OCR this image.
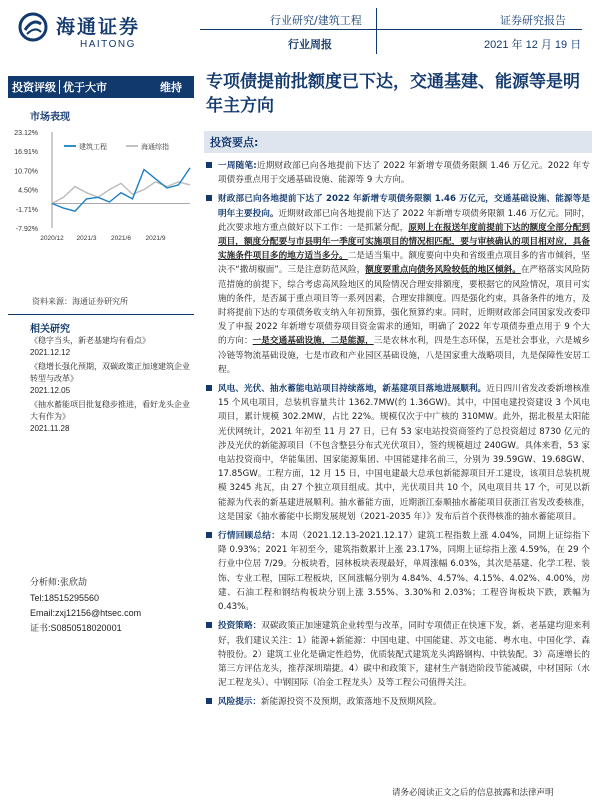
海通证券
HAITONG
行业研究/建筑工程
行业周报
证券研究报告
2021 年 12 月 19 日
投资评级 优于大市	维持
市场表现
23.12%
16.91%
10.70%
4.50%
-1.71%
-7.92%
2020/12 2021/3 2021/6 2021/9
建筑工程	海通综指
资料来源：海通证券研究所
相关研究
《稳字当头，新老基建均有看点》
2021.12.12
《稳增长强化预期，双碳政策正加速建筑企业转型与改革》
2021.12.05
《抽水蓄能项目批复稳步推进，看好龙头企业大有作为》
2021.11.28
分析师:张欣劼
Tel:18515295560
Email:zxj12156@htsec.com
证书:S0850518020001
专项债提前批额度已下达，交通基建、能源等是明年主方向
投资要点:
一周随笔:近期财政部已向各地提前下达了 2022 年新增专项债务限额 1.46 万亿元。2022 年专项债券重点用于交通基础设施、能源等 9 大方向。
财政部已向各地提前下达了 2022 年新增专项债务限额 1.46 万亿元，交通基础设施、能源等是明年主要投向。近期财政部已向各地提前下达了 2022 年新增专项债务限额 1.46 万亿元。同时，此次要求地方重点做好以下工作：一是抓紧分配，原则上在报送年度前提前下达的额度全部分配到项目，额度分配要与市县明年一季度可实施项目的情况相匹配，要与审核确认的项目相对应，具备实施条件项目多的地方适当多分。二是适当集中。额度要向中央和省级重点项目多的省市倾斜，坚决不“撒胡椒面”。三是注意防范风险，额度要重点向债务风险较低的地区倾斜。在严格落实风险防范措施的前提下，综合考虑高风险地区的风险情况合理安排额度，要根据它的风险情况，项目可实施的条件，是否属于重点项目等一系列因素，合理安排额度。四是强化约束，具备条件的地方，及时将提前下达的专项债务收支纳入年初预算，强化预算约束。同时，近期财政部会同国家发改委印发了申报 2022 年新增专项债券项目资金需求的通知，明确了 2022 年专项债券重点用于 9 个大的方向：一是交通基础设施，二是能源，三是农林水利，四是生态环保，五是社会事业，六是城乡冷链等物流基础设施，七是市政和产业园区基础设施，八是国家重大战略项目，九是保障性安居工程。
风电、光伏、抽水蓄能电站项目持续落地，新基建项目落地进展顺利。近日四川省发改委新增核准 15 个风电项目，总装机容量共计 1362.7MW(约 1.36GW)。其中，中国电建投资建设 3 个风电项目，累计规模 302.2MW，占比 22%。规模仅次于中广核的 310MW。此外，据北极星太阳能光伏网统计，2021 年初至 11 月 27 日，已有 53 家电站投资商签约了总投资超过 8730 亿元的涉及光伏的新能源项目（不包含整县分布式光伏项目），签约规模超过 240GW。具体来看，53 家电站投资商中，华能集团、国家能源集团、中国能建排名前三，分别为 39.59GW、19.68GW、17.85GW。工程方面，12 月 15 日，中国电建最大总承包新能源项目开工建设，该项目总装机规模 3245 兆瓦，由 27 个独立项目组成。其中，光伏项目共 10 个，风电项目共 17 个，可见以新能源为代表的新基建进展顺利。抽水蓄能方面，近期浙江泰顺抽水蓄能项目获浙江省发改委核准，这是国家《抽水蓄能中长期发展规划（2021-2035 年）》发布后首个获得核准的抽水蓄能项目。
行情回顾总结：本周（2021.12.13-2021.12.17）建筑工程指数上涨 4.04%，同期上证综指下降 0.93%；2021 年初至今，建筑指数累计上涨 23.17%，同期上证综指上涨 4.59%，在 29 个行业中位居 7/29。分板块看，园林板块表现最好，单周涨幅 6.03%，其次是基建、化学工程、装饰、专业工程，国际工程板块，区间涨幅分别为 4.84%、4.57%、4.15%、4.02%、4.00%，房建、石油工程和钢结构板块分别上涨 3.55%、3.30%和 2.03%；工程咨询板块下跌，跌幅为 0.43%。
投资策略：双碳政策正加速建筑企业转型与改革，同时专项债正在快速下发，新、老基建均迎来利好，我们建议关注：1）能源+新能源：中国电建、中国能建、苏文电能、粤水电、中国化学、森特股份。2）建筑工业化是确定性趋势，优质装配式建筑龙头鸿路钢构、中铁装配。3）高速增长的第三方评估龙头，推荐深圳瑞捷。4）碳中和政策下，建材生产制造阶段节能减碳，中材国际（水泥工程龙头）、中钢国际（冶金工程龙头）及等工程公司值得关注。
风险提示：新能源投资不及预期，政策落地不及预期风险。
请务必阅读正文之后的信息披露和法律声明
